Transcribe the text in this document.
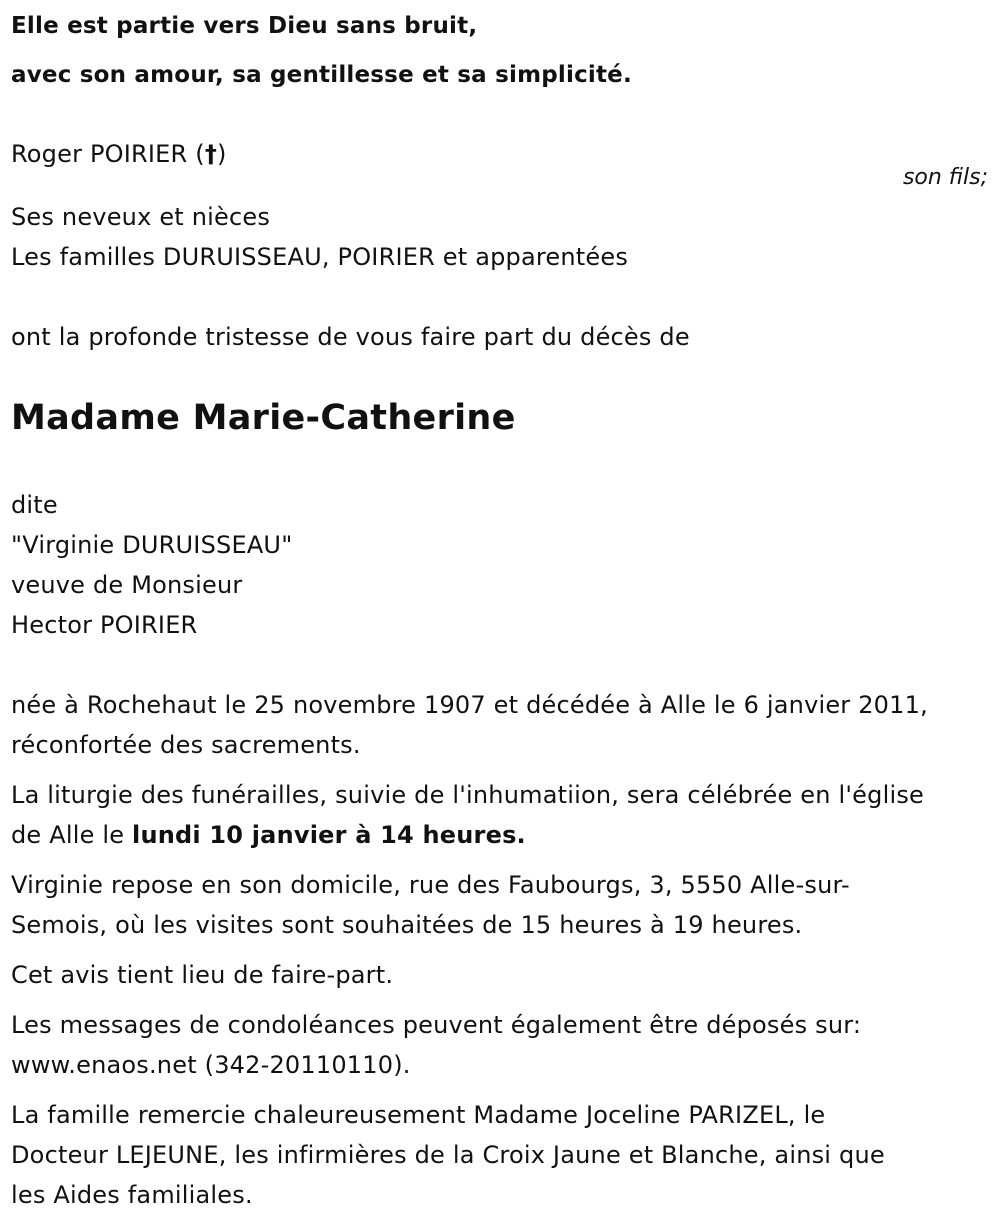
Elle est partie vers Dieu sans bruit,
avec son amour, sa gentillesse et sa simplicité.
Roger POIRIER (†)
son fils;
Ses neveux et nièces
Les familles DURUISSEAU, POIRIER et apparentées
ont la profonde tristesse de vous faire part du décès de
Madame Marie-Catherine
dite
"Virginie DURUISSEAU"
veuve de Monsieur
Hector POIRIER
née à Rochehaut le 25 novembre 1907 et décédée à Alle le 6 janvier 2011,
réconfortée des sacrements.
La liturgie des funérailles, suivie de l'inhumatiion, sera célébrée en l'église
de Alle le lundi 10 janvier à 14 heures.
Virginie repose en son domicile, rue des Faubourgs, 3, 5550 Alle-sur-
Semois, où les visites sont souhaitées de 15 heures à 19 heures.
Cet avis tient lieu de faire-part.
Les messages de condoléances peuvent également être déposés sur:
www.enaos.net (342-20110110).
La famille remercie chaleureusement Madame Joceline PARIZEL, le
Docteur LEJEUNE, les infirmières de la Croix Jaune et Blanche, ainsi que
les Aides familiales.
